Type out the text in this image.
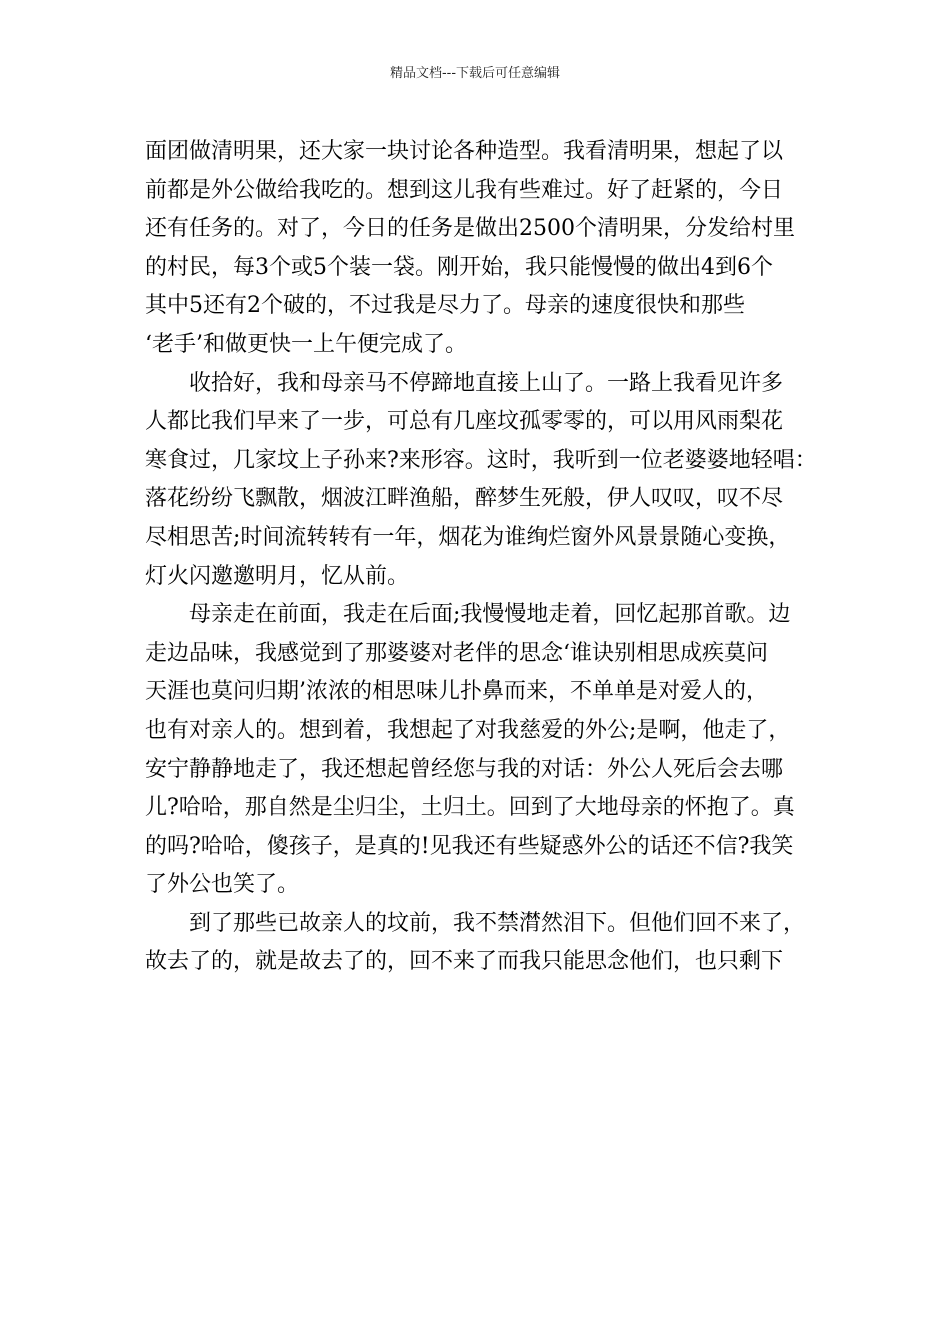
精品文档---下载后可任意编辑
面团做清明果，还大家一块讨论各种造型。我看清明果，想起了以
前都是外公做给我吃的。想到这儿我有些难过。好了赶紧的，今日
还有任务的。对了，今日的任务是做出2500个清明果，分发给村里
的村民，每3个或5个装一袋。刚开始，我只能慢慢的做出4到6个
其中5还有2个破的，不过我是尽力了。母亲的速度很快和那些
‘老手’和做更快一上午便完成了。
收拾好，我和母亲马不停蹄地直接上山了。一路上我看见许多
人都比我们早来了一步，可总有几座坟孤零零的，可以用风雨梨花
寒食过，几家坟上子孙来?来形容。这时，我听到一位老婆婆地轻唱：
落花纷纷飞飘散，烟波江畔渔船，醉梦生死般，伊人叹叹，叹不尽
尽相思苦;时间流转转有一年，烟花为谁绚烂窗外风景景随心变换，
灯火闪邀邀明月，忆从前。
母亲走在前面，我走在后面;我慢慢地走着，回忆起那首歌。边
走边品味，我感觉到了那婆婆对老伴的思念‘谁诀别相思成疾莫问
天涯也莫问归期’浓浓的相思味儿扑鼻而来，不单单是对爱人的，
也有对亲人的。想到着，我想起了对我慈爱的外公;是啊，他走了，
安宁静静地走了，我还想起曾经您与我的对话：外公人死后会去哪
儿?哈哈，那自然是尘归尘，土归土。回到了大地母亲的怀抱了。真
的吗?哈哈，傻孩子，是真的!见我还有些疑惑外公的话还不信?我笑
了外公也笑了。
到了那些已故亲人的坟前，我不禁潸然泪下。但他们回不来了，
故去了的，就是故去了的，回不来了而我只能思念他们，也只剩下
